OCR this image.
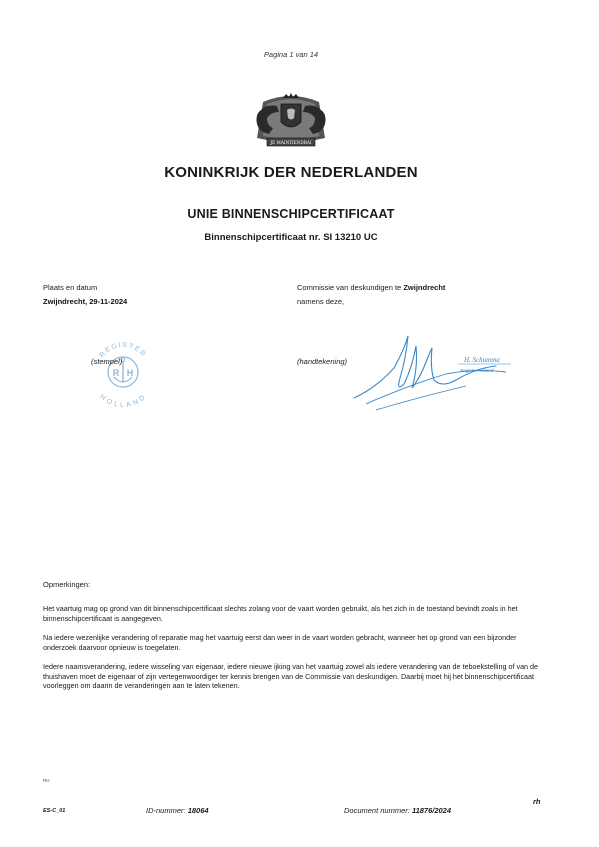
Pagina 1 van 14
JE MAINTIENDRAI
KONINKRIJK DER NEDERLANDEN
UNIE BINNENSCHIPCERTIFICAAT
Binnenschipcertificaat nr. SI 13210 UC
Plaats en datum
Zwijndrecht, 29-11-2024
Commissie van deskundigen te Zwijndrecht
namens deze,
REGISTER
HOLLAND
R H
(stempel)	H. Schumma
Register Holland
(handtekening)
Opmerkingen:
Het vaartuig mag op grond van dit binnenschipcertificaat slechts zolang voor de vaart worden gebruikt, als het zich in de toestand bevindt zoals in het binnenschipcertificaat is aangegeven.
Na iedere wezenlijke verandering of reparatie mag het vaartuig eerst dan weer in de vaart worden gebracht, wanneer het op grond van een bijzonder onderzoek daarvoor opnieuw is toegelaten.
Iedere naamsverandering, iedere wisseling van eigenaar, iedere nieuwe ijking van het vaartuig zowel als iedere verandering van de teboekstelling of van de thuishaven moet de eigenaar of zijn vertegenwoordiger ter kennis brengen van de Commissie van deskundigen. Daarbij moet hij het binnenschipcertificaat voorleggen om daarin de veranderingen aan te laten tekenen.
RH
ES-C_01
rh
ID-nummer: 18064	Document nummer: 11876/2024
